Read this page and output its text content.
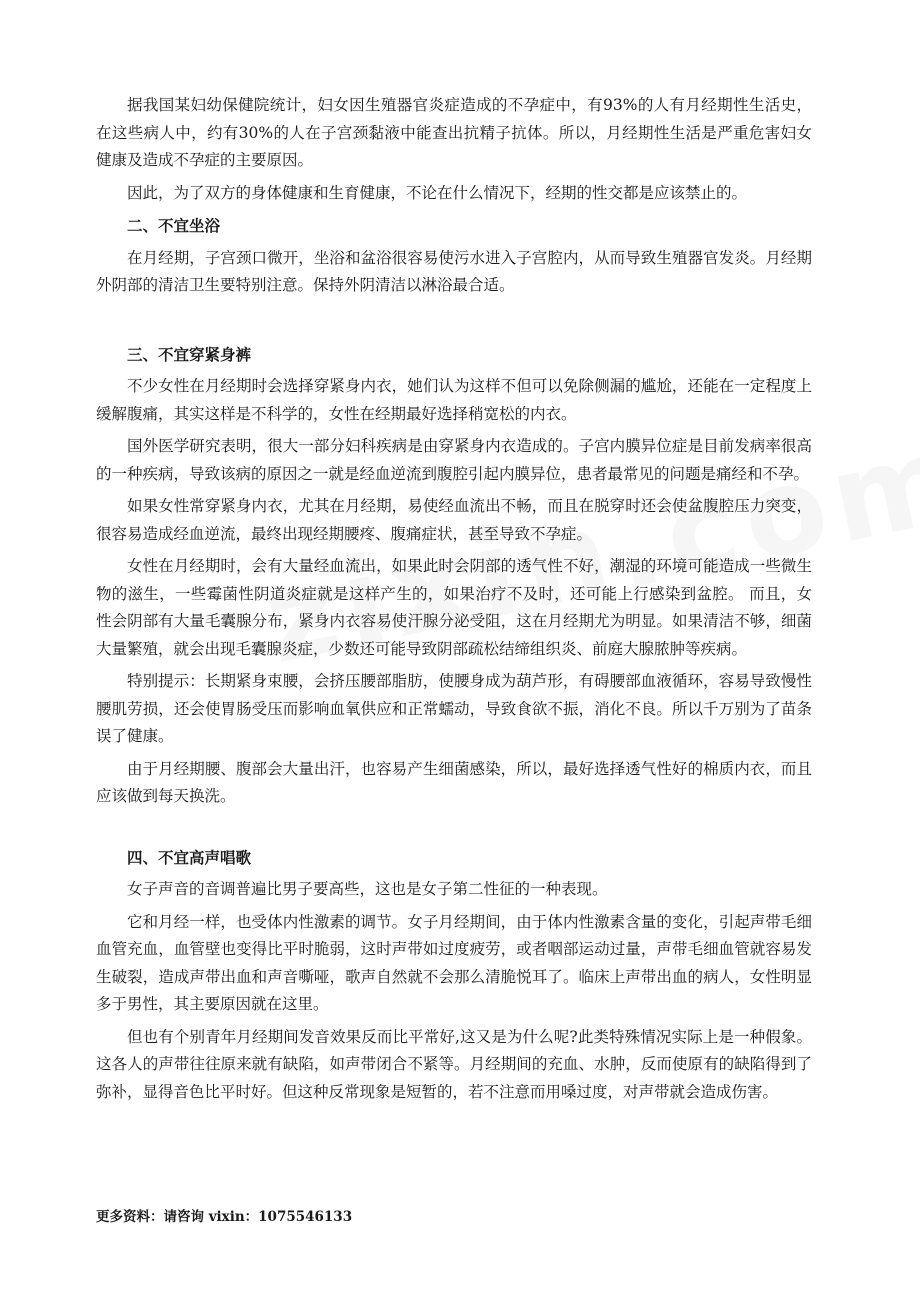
据我国某妇幼保健院统计，妇女因生殖器官炎症造成的不孕症中，有93%的人有月经期性生活史，在这些病人中，约有30%的人在子宫颈黏液中能查出抗精子抗体。所以，月经期性生活是严重危害妇女健康及造成不孕症的主要原因。

因此，为了双方的身体健康和生育健康，不论在什么情况下，经期的性交都是应该禁止的。

二、不宜坐浴

在月经期，子宫颈口微开，坐浴和盆浴很容易使污水进入子宫腔内，从而导致生殖器官发炎。月经期外阴部的清洁卫生要特别注意。保持外阴清洁以淋浴最合适。

三、不宜穿紧身裤

不少女性在月经期时会选择穿紧身内衣，她们认为这样不但可以免除侧漏的尴尬，还能在一定程度上缓解腹痛，其实这样是不科学的，女性在经期最好选择稍宽松的内衣。

国外医学研究表明，很大一部分妇科疾病是由穿紧身内衣造成的。子宫内膜异位症是目前发病率很高的一种疾病，导致该病的原因之一就是经血逆流到腹腔引起内膜异位，患者最常见的问题是痛经和不孕。

如果女性常穿紧身内衣，尤其在月经期，易使经血流出不畅，而且在脱穿时还会使盆腹腔压力突变，很容易造成经血逆流，最终出现经期腰疼、腹痛症状，甚至导致不孕症。

女性在月经期时，会有大量经血流出，如果此时会阴部的透气性不好，潮湿的环境可能造成一些微生物的滋生，一些霉菌性阴道炎症就是这样产生的，如果治疗不及时，还可能上行感染到盆腔。 而且，女性会阴部有大量毛囊腺分布，紧身内衣容易使汗腺分泌受阻，这在月经期尤为明显。如果清洁不够，细菌大量繁殖，就会出现毛囊腺炎症，少数还可能导致阴部疏松结缔组织炎、前庭大腺脓肿等疾病。

特别提示：长期紧身束腰，会挤压腰部脂肪，使腰身成为葫芦形，有碍腰部血液循环，容易导致慢性腰肌劳损，还会使胃肠受压而影响血氧供应和正常蠕动，导致食欲不振，消化不良。所以千万别为了苗条误了健康。

由于月经期腰、腹部会大量出汗，也容易产生细菌感染，所以，最好选择透气性好的棉质内衣，而且应该做到每天换洗。

四、不宜高声唱歌

女子声音的音调普遍比男子要高些，这也是女子第二性征的一种表现。

它和月经一样，也受体内性激素的调节。女子月经期间，由于体内性激素含量的变化，引起声带毛细血管充血，血管壁也变得比平时脆弱，这时声带如过度疲劳，或者咽部运动过量，声带毛细血管就容易发生破裂，造成声带出血和声音嘶哑，歌声自然就不会那么清脆悦耳了。临床上声带出血的病人，女性明显多于男性，其主要原因就在这里。

但也有个别青年月经期间发音效果反而比平常好,这又是为什么呢?此类特殊情况实际上是一种假象。这各人的声带往往原来就有缺陷，如声带闭合不紧等。月经期间的充血、水肿，反而使原有的缺陷得到了弥补，显得音色比平时好。但这种反常现象是短暂的，若不注意而用嗓过度，对声带就会造成伤害。

更多资料：请咨询 vixin：1075546133
